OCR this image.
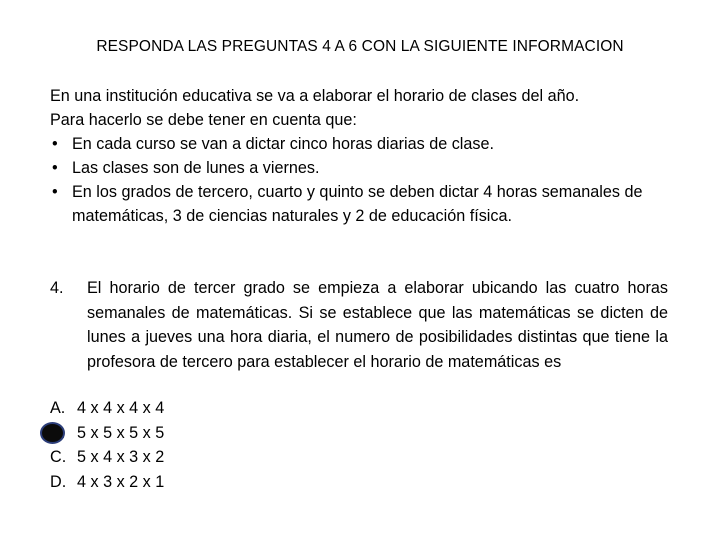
RESPONDA LAS PREGUNTAS 4 A 6 CON LA SIGUIENTE INFORMACION

En una institución educativa se va a elaborar el horario de clases del año.

Para hacerlo se debe tener en cuenta que:

• En cada curso se van a dictar cinco horas diarias de clase.
• Las clases son de lunes a viernes.
• En los grados de tercero, cuarto y quinto se deben dictar 4 horas semanales de matemáticas, 3 de ciencias naturales y 2 de educación física.
4. El horario de tercer grado se empieza a elaborar ubicando las cuatro horas semanales de matemáticas. Si se establece que las matemáticas se dicten de lunes a jueves una hora diaria, el numero de posibilidades distintas que tiene la profesora de tercero para establecer el horario de matemáticas es

A. 4 x 4 x 4 x 4
5 x 5 x 5 x 5
C. 5 x 4 x 3 x 2
D. 4 x 3 x 2 x 1
